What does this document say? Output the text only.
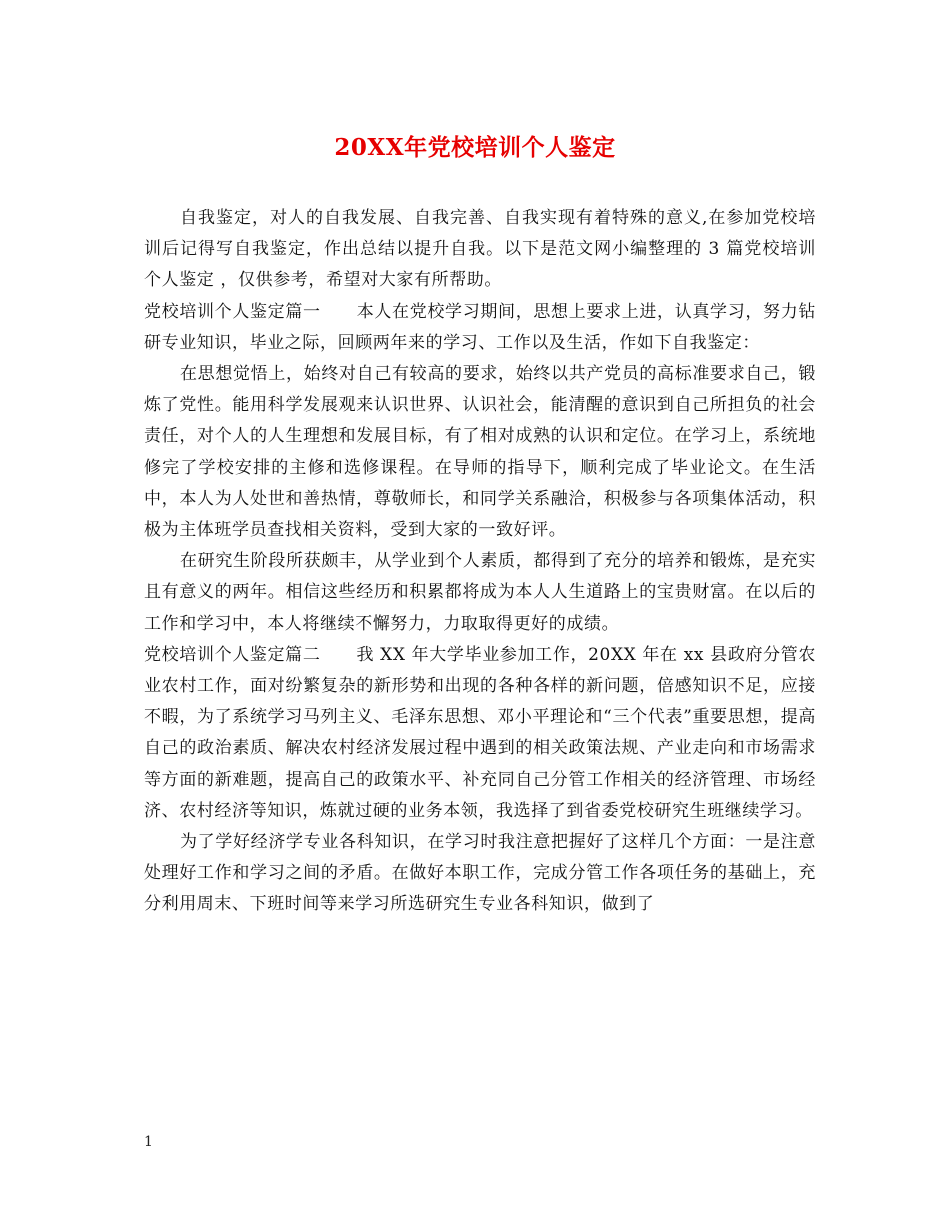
20XX年党校培训个人鉴定

自我鉴定，对人的自我发展、自我完善、自我实现有着特殊的意义,在参加党校培训后记得写自我鉴定，作出总结以提升自我。以下是范文网小编整理的 3 篇党校培训个人鉴定 ，仅供参考，希望对大家有所帮助。

党校培训个人鉴定篇一 本人在党校学习期间，思想上要求上进，认真学习，努力钻研专业知识，毕业之际，回顾两年来的学习、工作以及生活，作如下自我鉴定：

在思想觉悟上，始终对自己有较高的要求，始终以共产党员的高标准要求自己，锻炼了党性。能用科学发展观来认识世界、认识社会，能清醒的意识到自己所担负的社会责任，对个人的人生理想和发展目标，有了相对成熟的认识和定位。在学习上，系统地修完了学校安排的主修和选修课程。在导师的指导下，顺利完成了毕业论文。在生活中，本人为人处世和善热情，尊敬师长，和同学关系融洽，积极参与各项集体活动，积极为主体班学员查找相关资料，受到大家的一致好评。

在研究生阶段所获颇丰，从学业到个人素质，都得到了充分的培养和锻炼，是充实且有意义的两年。相信这些经历和积累都将成为本人人生道路上的宝贵财富。在以后的工作和学习中，本人将继续不懈努力，力取取得更好的成绩。

党校培训个人鉴定篇二 我 XX 年大学毕业参加工作，20XX 年在 xx 县政府分管农业农村工作，面对纷繁复杂的新形势和出现的各种各样的新问题，倍感知识不足，应接不暇，为了系统学习马列主义、毛泽东思想、邓小平理论和“三个代表”重要思想，提高自己的政治素质、解决农村经济发展过程中遇到的相关政策法规、产业走向和市场需求等方面的新难题，提高自己的政策水平、补充同自己分管工作相关的经济管理、市场经济、农村经济等知识，炼就过硬的业务本领，我选择了到省委党校研究生班继续学习。

为了学好经济学专业各科知识，在学习时我注意把握好了这样几个方面：一是注意处理好工作和学习之间的矛盾。在做好本职工作，完成分管工作各项任务的基础上，充分利用周末、下班时间等来学习所选研究生专业各科知识，做到了

1
